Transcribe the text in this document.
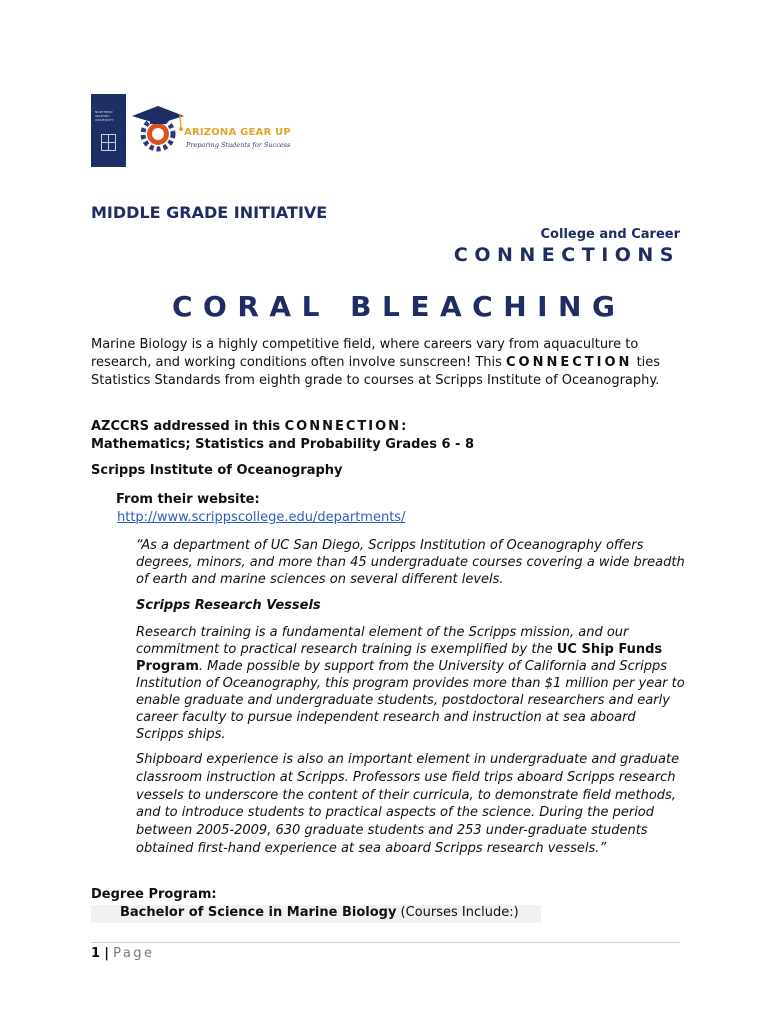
NORTHERN ARIZONA UNIVERSITY
ARIZONA GEAR UP
Preparing Students for Success
MIDDLE GRADE INITIATIVE
College and Career
CONNECTIONS
CORAL BLEACHING
Marine Biology is a highly competitive field, where careers vary from aquaculture to research, and working conditions often involve sunscreen! This CONNECTION ties Statistics Standards from eighth grade to courses at Scripps Institute of Oceanography.
AZCCRS addressed in this CONNECTION:
Mathematics; Statistics and Probability Grades 6 - 8
Scripps Institute of Oceanography
From their website:
http://www.scrippscollege.edu/departments/
“As a department of UC San Diego, Scripps Institution of Oceanography offers degrees, minors, and more than 45 undergraduate courses covering a wide breadth of earth and marine sciences on several different levels.
Scripps Research Vessels
Research training is a fundamental element of the Scripps mission, and our commitment to practical research training is exemplified by the UC Ship Funds Program. Made possible by support from the University of California and Scripps Institution of Oceanography, this program provides more than $1 million per year to enable graduate and undergraduate students, postdoctoral researchers and early career faculty to pursue independent research and instruction at sea aboard Scripps ships.
Shipboard experience is also an important element in undergraduate and graduate classroom instruction at Scripps. Professors use field trips aboard Scripps research vessels to underscore the content of their curricula, to demonstrate field methods, and to introduce students to practical aspects of the science. During the period between 2005-2009, 630 graduate students and 253 under-graduate students obtained first-hand experience at sea aboard Scripps research vessels.”
Degree Program:
Bachelor of Science in Marine Biology (Courses Include:)
1 | Page
